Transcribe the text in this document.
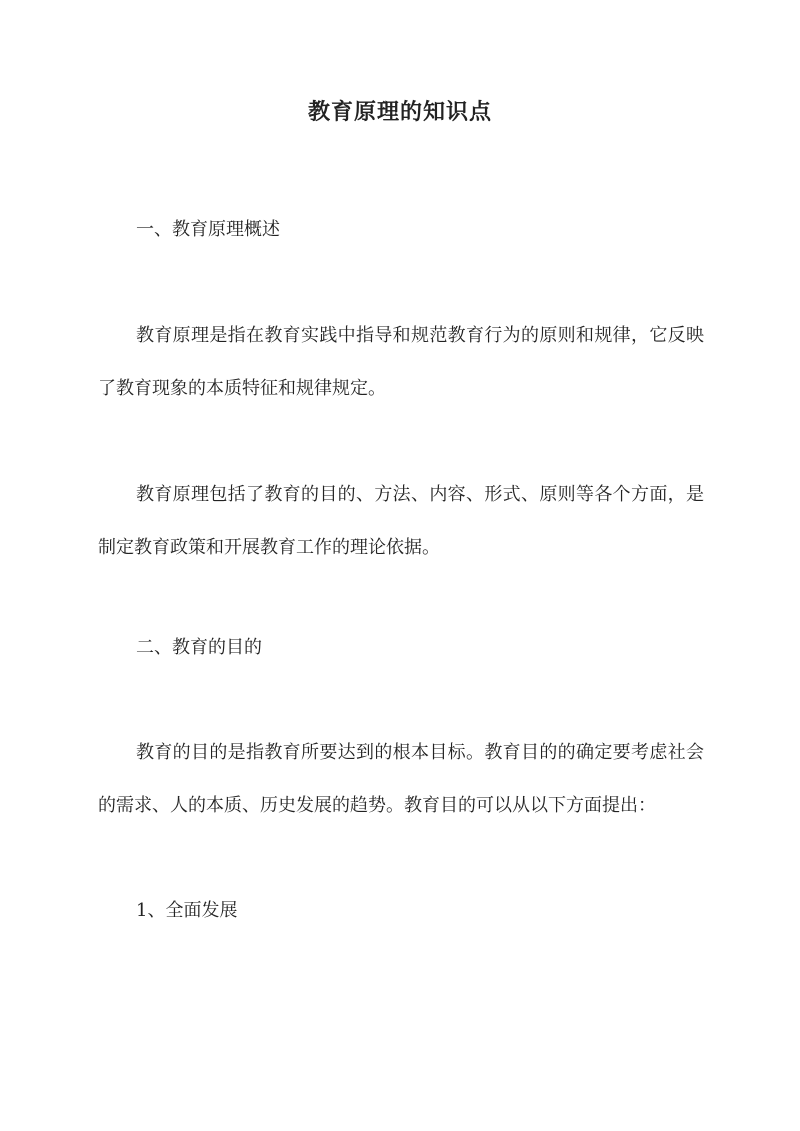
教育原理的知识点

一、教育原理概述

教育原理是指在教育实践中指导和规范教育行为的原则和规律，它反映了教育现象的本质特征和规律规定。

教育原理包括了教育的目的、方法、内容、形式、原则等各个方面，是制定教育政策和开展教育工作的理论依据。

二、教育的目的

教育的目的是指教育所要达到的根本目标。教育目的的确定要考虑社会的需求、人的本质、历史发展的趋势。教育目的可以从以下方面提出：

1、全面发展
